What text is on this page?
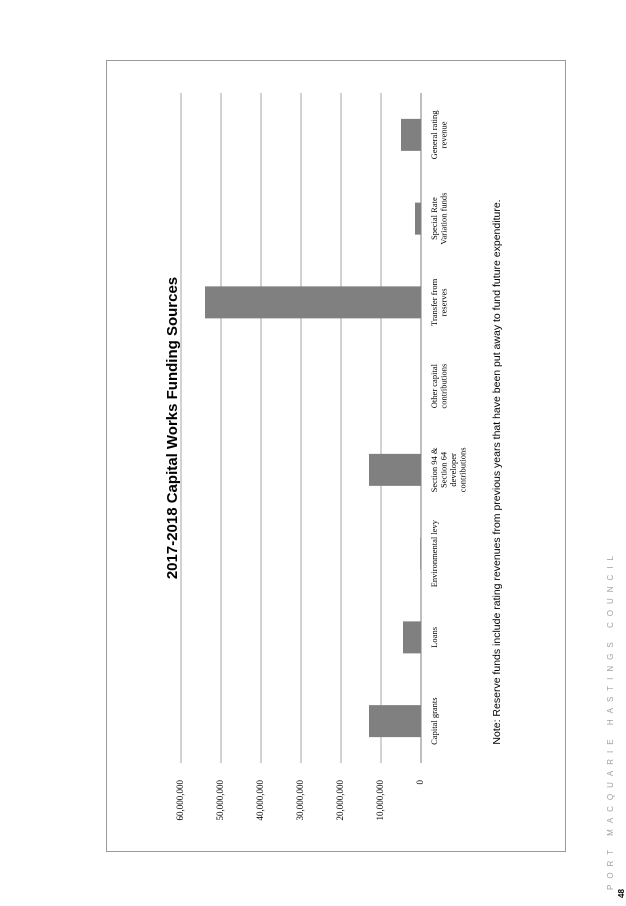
0
10,000,000
20,000,000
30,000,000
40,000,000
50,000,000
60,000,000
Capital grants
Loans
Environmental levy
Section 94 &Section 64developercontributions
Other capitalcontributions
Transfer fromreserves
Special RateVariation funds
General ratingrevenue
2017-2018 Capital Works Funding Sources	Note: Reserve funds include rating revenues from previous years that have been put away to fund future expenditure.	PORT MACQUARIE HASTINGS COUNCIL
48
